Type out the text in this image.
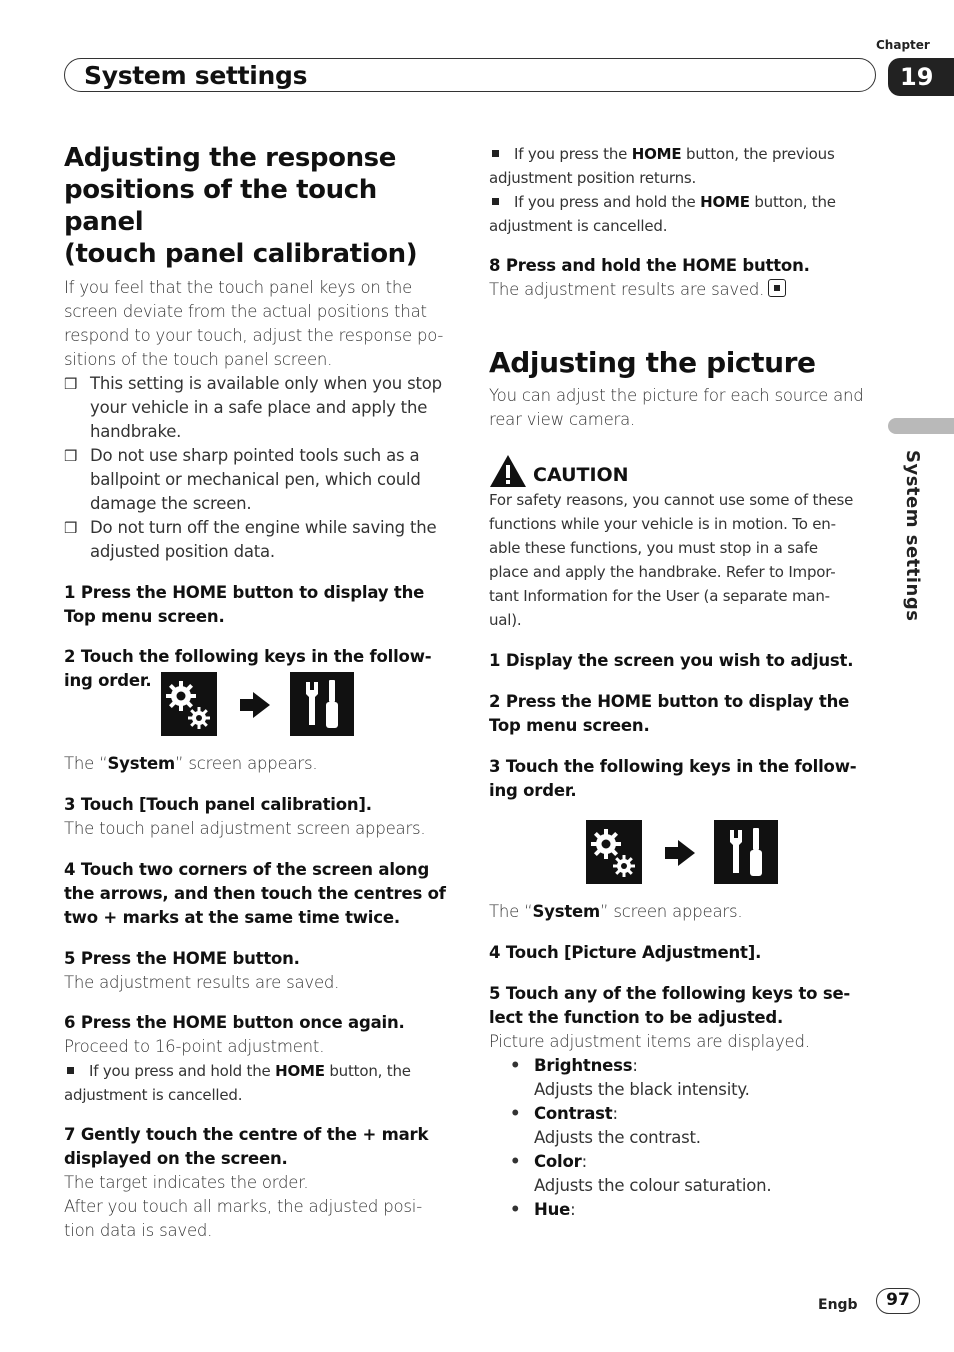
Chapter
19
System settings
System settings
Adjusting the response
positions of the touch panel
(touch panel calibration)
If you feel that the touch panel keys on the
screen deviate from the actual positions that
respond to your touch, adjust the response po-
sitions of the touch panel screen.
❒ This setting is available only when you stop
your vehicle in a safe place and apply the
handbrake.
❒ Do not use sharp pointed tools such as a
ballpoint or mechanical pen, which could
damage the screen.
❒ Do not turn off the engine while saving the
adjusted position data.
1 Press the HOME button to display the
Top menu screen.
2 Touch the following keys in the follow-
ing order.
The “System” screen appears.
3 Touch [Touch panel calibration].
The touch panel adjustment screen appears.
4 Touch two corners of the screen along
the arrows, and then touch the centres of
two + marks at the same time twice.
5 Press the HOME button.
The adjustment results are saved.
6 Press the HOME button once again.
Proceed to 16-point adjustment.
If you press and hold the HOME button, the
adjustment is cancelled.
7 Gently touch the centre of the + mark
displayed on the screen.
The target indicates the order.
After you touch all marks, the adjusted posi-
tion data is saved.
If you press the HOME button, the previous
adjustment position returns.
If you press and hold the HOME button, the
adjustment is cancelled.
8 Press and hold the HOME button.
The adjustment results are saved.
Adjusting the picture
You can adjust the picture for each source and
rear view camera.
CAUTION
For safety reasons, you cannot use some of these
functions while your vehicle is in motion. To en-
able these functions, you must stop in a safe
place and apply the handbrake. Refer to Impor-
tant Information for the User (a separate man-
ual).
1 Display the screen you wish to adjust.
2 Press the HOME button to display the
Top menu screen.
3 Touch the following keys in the follow-
ing order.
The “System” screen appears.
4 Touch [Picture Adjustment].
5 Touch any of the following keys to se-
lect the function to be adjusted.
Picture adjustment items are displayed.
• Brightness:
Adjusts the black intensity.
• Contrast:
Adjusts the contrast.
• Color:
Adjusts the colour saturation.
• Hue:
Engb	97
